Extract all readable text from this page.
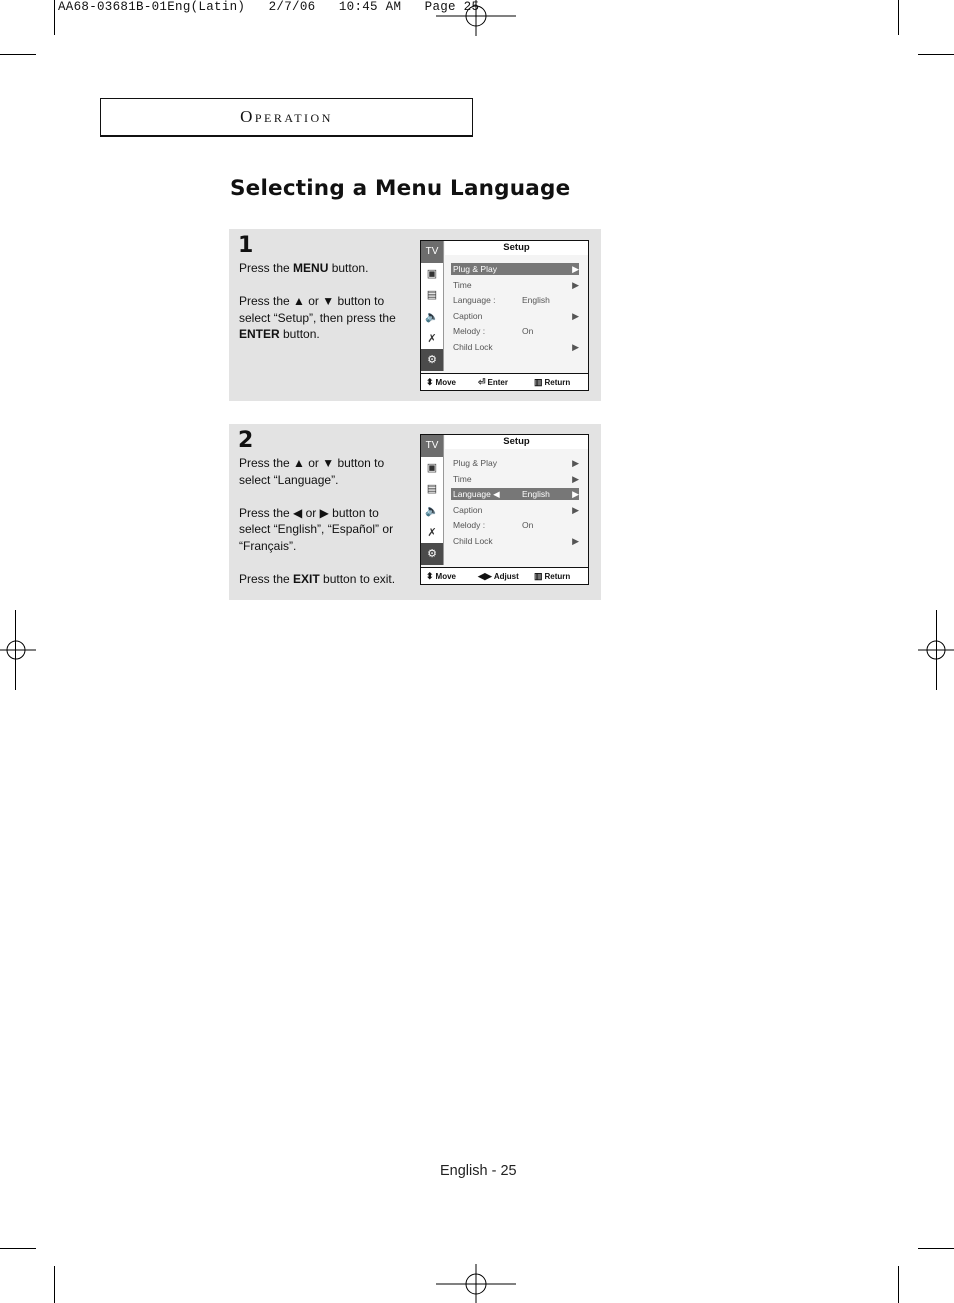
AA68-03681B-01Eng(Latin)   2/7/06   10:45 AM   Page 25
Operation
Selecting a Menu Language
1

Press the MENU button.

Press the ▲ or ▼ button to select “Setup”, then press the ENTER button.

TV
▣
▤
🔈
✗
⚙
Setup
Plug & Play	▶
Time	▶
Language :	English
Caption	▶
Melody :	On
Child Lock	▶
⬍ Move ⏎ Enter	▥ Return
2

Press the ▲ or ▼ button to select “Language”.

Press the ◀ or ▶ button to select “English”, “Español” or “Français”.

Press the EXIT button to exit.

TV
▣
▤
🔈
✗
⚙
Setup
Plug & Play	▶
Time	▶
Language ◀	English ▶
Caption	▶
Melody :	On
Child Lock	▶
⬍ Move ◀▶ Adjust ▥ Return
English - 25
